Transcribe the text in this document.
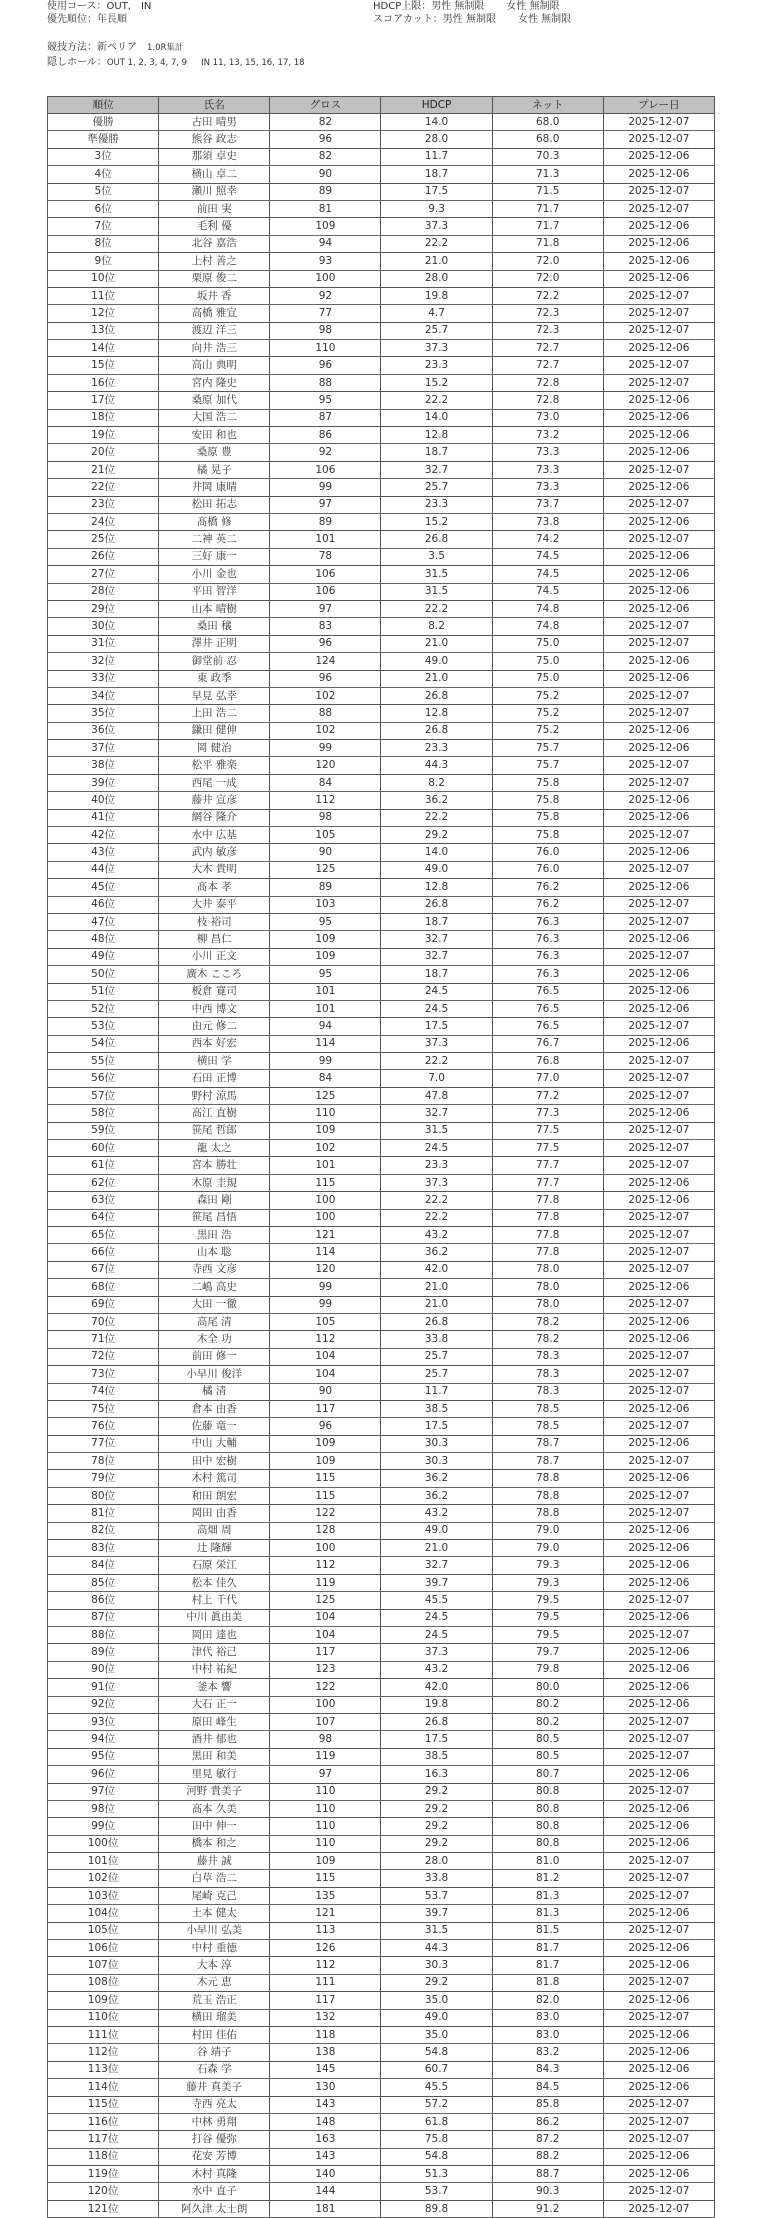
使用コース：OUT,　IN
優先順位：年長順
HDCP上限：男性 無制限 女性 無制限
スコアカット：男性 無制限 女性 無制限
競技方法：新ペリア　 1.0R集計
隠しホール：OUT 1, 2, 3, 4, 7, 9 IN 11, 13, 15, 16, 17, 18
順位	氏名	グロス	HDCP	ネット	プレー日
優勝	古田 晴男	82	14.0	68.0	2025-12-07
準優勝	熊谷 政志	96	28.0	68.0	2025-12-07
3位	那須 卓史	82	11.7	70.3	2025-12-06
4位	横山 卓二	90	18.7	71.3	2025-12-06
5位	瀬川 照幸	89	17.5	71.5	2025-12-07
6位	前田 実	81	9.3	71.7	2025-12-07
7位	毛利 優	109	37.3	71.7	2025-12-06
8位	北谷 嘉浩	94	22.2	71.8	2025-12-06
9位	上村 善之	93	21.0	72.0	2025-12-06
10位	栗原 俊二	100	28.0	72.0	2025-12-06
11位	坂井 香	92	19.8	72.2	2025-12-07
12位	高橋 雅宣	77	4.7	72.3	2025-12-07
13位	渡辺 洋三	98	25.7	72.3	2025-12-07
14位	向井 浩三	110	37.3	72.7	2025-12-06
15位	高山 典明	96	23.3	72.7	2025-12-07
16位	宮内 隆史	88	15.2	72.8	2025-12-07
17位	桑原 加代	95	22.2	72.8	2025-12-06
18位	大国 浩二	87	14.0	73.0	2025-12-06
19位	安田 和也	86	12.8	73.2	2025-12-06
20位	桑原 豊	92	18.7	73.3	2025-12-06
21位	橘 晃子	106	32.7	73.3	2025-12-07
22位	井岡 康晴	99	25.7	73.3	2025-12-06
23位	松田 拓志	97	23.3	73.7	2025-12-07
24位	髙橋 修	89	15.2	73.8	2025-12-06
25位	二神 英二	101	26.8	74.2	2025-12-07
26位	三好 康一	78	3.5	74.5	2025-12-06
27位	小川 金也	106	31.5	74.5	2025-12-06
28位	平田 智洋	106	31.5	74.5	2025-12-06
29位	山本 晴樹	97	22.2	74.8	2025-12-06
30位	桑田 穣	83	8.2	74.8	2025-12-07
31位	澤井 正明	96	21.0	75.0	2025-12-07
32位	御堂前 忍	124	49.0	75.0	2025-12-06
33位	東 政季	96	21.0	75.0	2025-12-06
34位	早見 弘幸	102	26.8	75.2	2025-12-07
35位	上田 浩二	88	12.8	75.2	2025-12-07
36位	鎌田 健伸	102	26.8	75.2	2025-12-06
37位	岡 健治	99	23.3	75.7	2025-12-06
38位	松平 雅楽	120	44.3	75.7	2025-12-07
39位	西尾 一成	84	8.2	75.8	2025-12-07
40位	藤井 宣彦	112	36.2	75.8	2025-12-06
41位	網谷 隆介	98	22.2	75.8	2025-12-06
42位	水中 広基	105	29.2	75.8	2025-12-07
43位	武内 敏彦	90	14.0	76.0	2025-12-06
44位	大木 貴明	125	49.0	76.0	2025-12-07
45位	髙本 孝	89	12.8	76.2	2025-12-06
46位	大井 泰平	103	26.8	76.2	2025-12-07
47位	枝 裕司	95	18.7	76.3	2025-12-07
48位	柳 昌仁	109	32.7	76.3	2025-12-06
49位	小川 正文	109	32.7	76.3	2025-12-07
50位	廣木 こころ	95	18.7	76.3	2025-12-06
51位	板倉 寛司	101	24.5	76.5	2025-12-06
52位	中西 博文	101	24.5	76.5	2025-12-06
53位	由元 修二	94	17.5	76.5	2025-12-07
54位	西本 好宏	114	37.3	76.7	2025-12-06
55位	横田 学	99	22.2	76.8	2025-12-07
56位	石田 正博	84	7.0	77.0	2025-12-07
57位	野村 涼馬	125	47.8	77.2	2025-12-07
58位	髙江 直樹	110	32.7	77.3	2025-12-06
59位	笹尾 哲郎	109	31.5	77.5	2025-12-07
60位	龍 太之	102	24.5	77.5	2025-12-07
61位	宮本 勝壮	101	23.3	77.7	2025-12-07
62位	木原 圭規	115	37.3	77.7	2025-12-06
63位	森田 剛	100	22.2	77.8	2025-12-06
64位	笹尾 昌悟	100	22.2	77.8	2025-12-07
65位	黒田 浩	121	43.2	77.8	2025-12-07
66位	山本 聡	114	36.2	77.8	2025-12-07
67位	寺西 文彦	120	42.0	78.0	2025-12-07
68位	二嶋 高史	99	21.0	78.0	2025-12-06
69位	大田 一徹	99	21.0	78.0	2025-12-07
70位	高尾 清	105	26.8	78.2	2025-12-06
71位	木全 功	112	33.8	78.2	2025-12-06
72位	前田 修一	104	25.7	78.3	2025-12-07
73位	小早川 俊洋	104	25.7	78.3	2025-12-07
74位	橘 清	90	11.7	78.3	2025-12-07
75位	倉本 由香	117	38.5	78.5	2025-12-06
76位	佐藤 竜一	96	17.5	78.5	2025-12-07
77位	中山 大輔	109	30.3	78.7	2025-12-06
78位	田中 宏樹	109	30.3	78.7	2025-12-07
79位	木村 篤司	115	36.2	78.8	2025-12-06
80位	和田 朗宏	115	36.2	78.8	2025-12-07
81位	岡田 由香	122	43.2	78.8	2025-12-07
82位	高畑 周	128	49.0	79.0	2025-12-06
83位	辻 隆輝	100	21.0	79.0	2025-12-06
84位	石原 栄江	112	32.7	79.3	2025-12-06
85位	松本 佳久	119	39.7	79.3	2025-12-06
86位	村上 千代	125	45.5	79.5	2025-12-07
87位	中川 眞由美	104	24.5	79.5	2025-12-06
88位	岡田 達也	104	24.5	79.5	2025-12-07
89位	津代 裕己	117	37.3	79.7	2025-12-06
90位	中村 祐紀	123	43.2	79.8	2025-12-06
91位	釜本 響	122	42.0	80.0	2025-12-06
92位	大石 正一	100	19.8	80.2	2025-12-06
93位	原田 峰生	107	26.8	80.2	2025-12-07
94位	酒井 郁也	98	17.5	80.5	2025-12-07
95位	黒田 和美	119	38.5	80.5	2025-12-07
96位	里見 敏行	97	16.3	80.7	2025-12-06
97位	河野 貴美子	110	29.2	80.8	2025-12-07
98位	髙本 久美	110	29.2	80.8	2025-12-06
99位	田中 伸一	110	29.2	80.8	2025-12-06
100位	橋本 和之	110	29.2	80.8	2025-12-06
101位	藤井 誠	109	28.0	81.0	2025-12-07
102位	白草 浩二	115	33.8	81.2	2025-12-07
103位	尾崎 克己	135	53.7	81.3	2025-12-07
104位	土本 健太	121	39.7	81.3	2025-12-06
105位	小早川 弘美	113	31.5	81.5	2025-12-07
106位	中村 重徳	126	44.3	81.7	2025-12-06
107位	大本 淳	112	30.3	81.7	2025-12-06
108位	木元 恵	111	29.2	81.8	2025-12-07
109位	荒玉 浩正	117	35.0	82.0	2025-12-06
110位	横田 瑠美	132	49.0	83.0	2025-12-07
111位	村田 佳佑	118	35.0	83.0	2025-12-06
112位	谷 靖子	138	54.8	83.2	2025-12-06
113位	石森 学	145	60.7	84.3	2025-12-06
114位	藤井 真美子	130	45.5	84.5	2025-12-06
115位	寺西 亮太	143	57.2	85.8	2025-12-07
116位	中林 勇翔	148	61.8	86.2	2025-12-07
117位	打谷 優弥	163	75.8	87.2	2025-12-07
118位	花安 芳博	143	54.8	88.2	2025-12-06
119位	木村 真隆	140	51.3	88.7	2025-12-06
120位	水中 直子	144	53.7	90.3	2025-12-07
121位	阿久津 太士朗	181	89.8	91.2	2025-12-07
